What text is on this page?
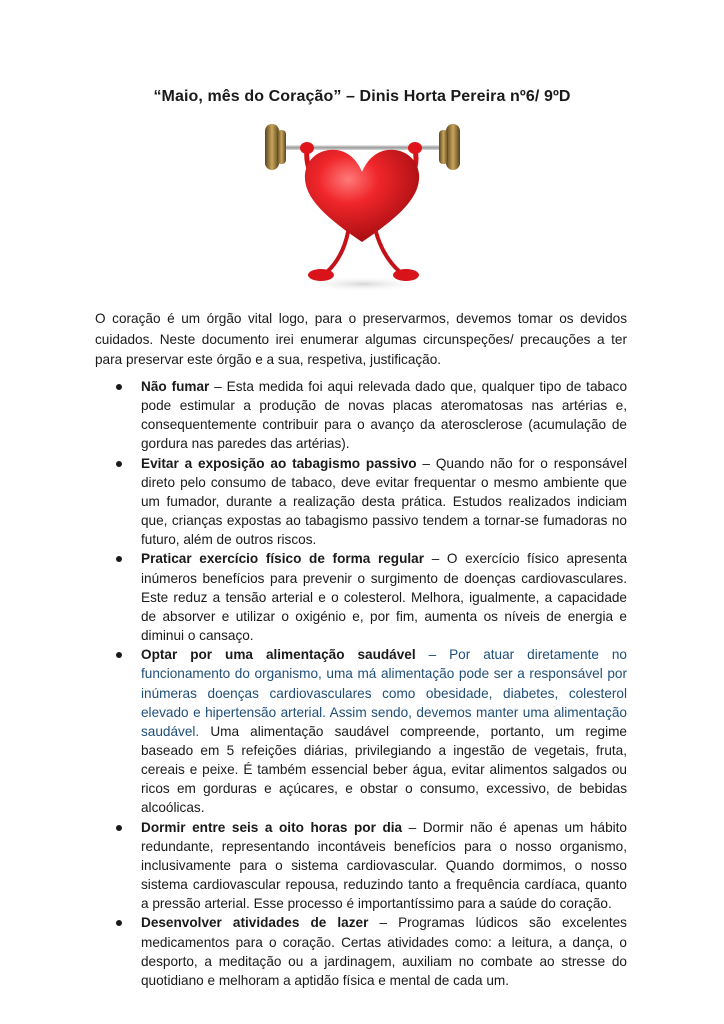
“Maio, mês do Coração” – Dinis Horta Pereira nº6/ 9ºD

O coração é um órgão vital logo, para o preservarmos, devemos tomar os devidos cuidados. Neste documento irei enumerar algumas circunspeções/ precauções a ter para preservar este órgão e a sua, respetiva, justificação.

Não fumar – Esta medida foi aqui relevada dado que, qualquer tipo de tabaco pode estimular a produção de novas placas ateromatosas nas artérias e, consequentemente contribuir para o avanço da aterosclerose (acumulação de gordura nas paredes das artérias).
Evitar a exposição ao tabagismo passivo – Quando não for o responsável direto pelo consumo de tabaco, deve evitar frequentar o mesmo ambiente que um fumador, durante a realização desta prática. Estudos realizados indiciam que, crianças expostas ao tabagismo passivo tendem a tornar-se fumadoras no futuro, além de outros riscos.
Praticar exercício físico de forma regular – O exercício físico apresenta inúmeros benefícios para prevenir o surgimento de doenças cardiovasculares. Este reduz a tensão arterial e o colesterol. Melhora, igualmente, a capacidade de absorver e utilizar o oxigénio e, por fim, aumenta os níveis de energia e diminui o cansaço.
Optar por uma alimentação saudável – Por atuar diretamente no funcionamento do organismo, uma má alimentação pode ser a responsável por inúmeras doenças cardiovasculares como obesidade, diabetes, colesterol elevado e hipertensão arterial. Assim sendo, devemos manter uma alimentação saudável. Uma alimentação saudável compreende, portanto, um regime baseado em 5 refeições diárias, privilegiando a ingestão de vegetais, fruta, cereais e peixe. É também essencial beber água, evitar alimentos salgados ou ricos em gorduras e açúcares, e obstar o consumo, excessivo, de bebidas alcoólicas.
Dormir entre seis a oito horas por dia – Dormir não é apenas um hábito redundante, representando incontáveis benefícios para o nosso organismo, inclusivamente para o sistema cardiovascular. Quando dormimos, o nosso sistema cardiovascular repousa, reduzindo tanto a frequência cardíaca, quanto a pressão arterial. Esse processo é importantíssimo para a saúde do coração.
Desenvolver atividades de lazer – Programas lúdicos são excelentes medicamentos para o coração. Certas atividades como: a leitura, a dança, o desporto, a meditação ou a jardinagem, auxiliam no combate ao stresse do quotidiano e melhoram a aptidão física e mental de cada um.
